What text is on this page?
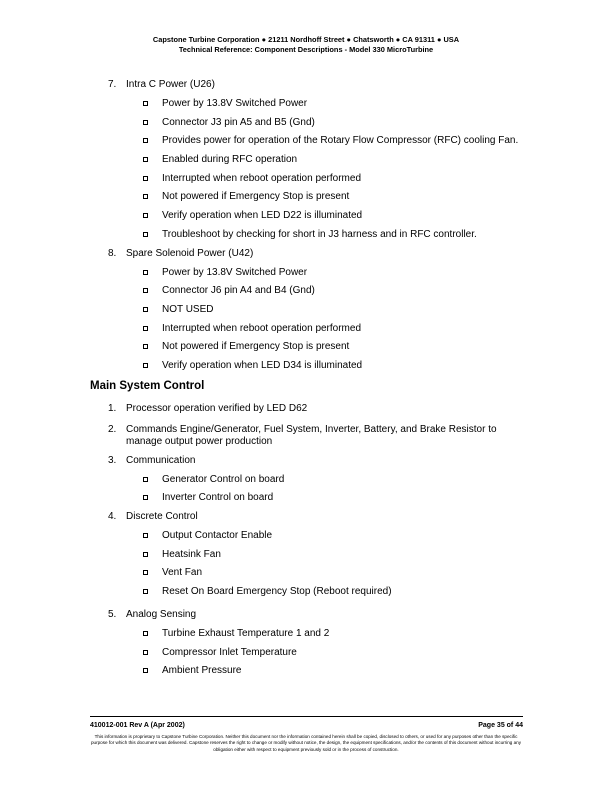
Capstone Turbine Corporation ● 21211 Nordhoff Street ● Chatsworth ● CA 91311 ● USA
Technical Reference: Component Descriptions - Model 330 MicroTurbine
7. Intra C Power (U26)
Power by 13.8V Switched Power
Connector J3 pin A5 and B5 (Gnd)
Provides power for operation of the Rotary Flow Compressor (RFC) cooling Fan.
Enabled during RFC operation
Interrupted when reboot operation performed
Not powered if Emergency Stop is present
Verify operation when LED D22 is illuminated
Troubleshoot by checking for short in J3 harness and in RFC controller.
8. Spare Solenoid Power (U42)
Power by 13.8V Switched Power
Connector J6 pin A4 and B4 (Gnd)
NOT USED
Interrupted when reboot operation performed
Not powered if Emergency Stop is present
Verify operation when LED D34 is illuminated
Main System Control
1. Processor operation verified by LED D62
2. Commands Engine/Generator, Fuel System, Inverter, Battery, and Brake Resistor to manage output power production
3. Communication
Generator Control on board
Inverter Control on board
4. Discrete Control
Output Contactor Enable
Heatsink Fan
Vent Fan
Reset On Board Emergency Stop (Reboot required)
5. Analog Sensing
Turbine Exhaust Temperature 1 and 2
Compressor Inlet Temperature
Ambient Pressure
410012-001 Rev A (Apr 2002)	Page 35 of 44
This information is proprietary to Capstone Turbine Corporation. Neither this document nor the information contained herein shall be copied, disclosed to others, or used for any purposes other than the specific purpose for which this document was delivered. Capstone reserves the right to change or modify without notice, the design, the equipment specifications, and/or the contents of this document without incurring any obligation either with respect to equipment previously sold or in the process of construction.
